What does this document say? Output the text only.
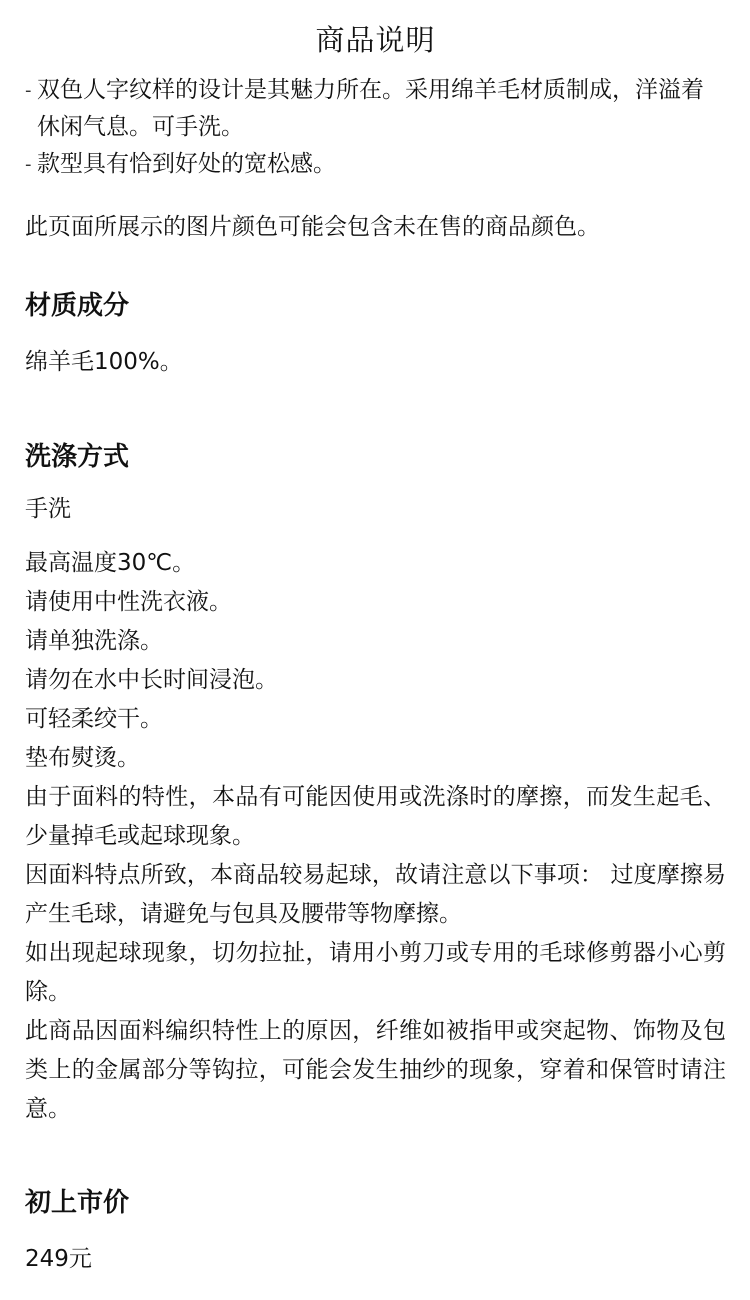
商品说明
- 双色人字纹样的设计是其魅力所在。采用绵羊毛材质制成，洋溢着休闲气息。可手洗。
- 款型具有恰到好处的宽松感。

此页面所展示的图片颜色可能会包含未在售的商品颜色。

材质成分

绵羊毛100%。

洗涤方式

手洗

最高温度30℃。
请使用中性洗衣液。
请单独洗涤。
请勿在水中长时间浸泡。
可轻柔绞干。
垫布熨烫。
由于面料的特性，本品有可能因使用或洗涤时的摩擦，而发生起毛、少量掉毛或起球现象。
因面料特点所致，本商品较易起球，故请注意以下事项： 过度摩擦易产生毛球，请避免与包具及腰带等物摩擦。
如出现起球现象，切勿拉扯，请用小剪刀或专用的毛球修剪器小心剪除。
此商品因面料编织特性上的原因，纤维如被指甲或突起物、饰物及包类上的金属部分等钩拉，可能会发生抽纱的现象，穿着和保管时请注意。
初上市价

249元
